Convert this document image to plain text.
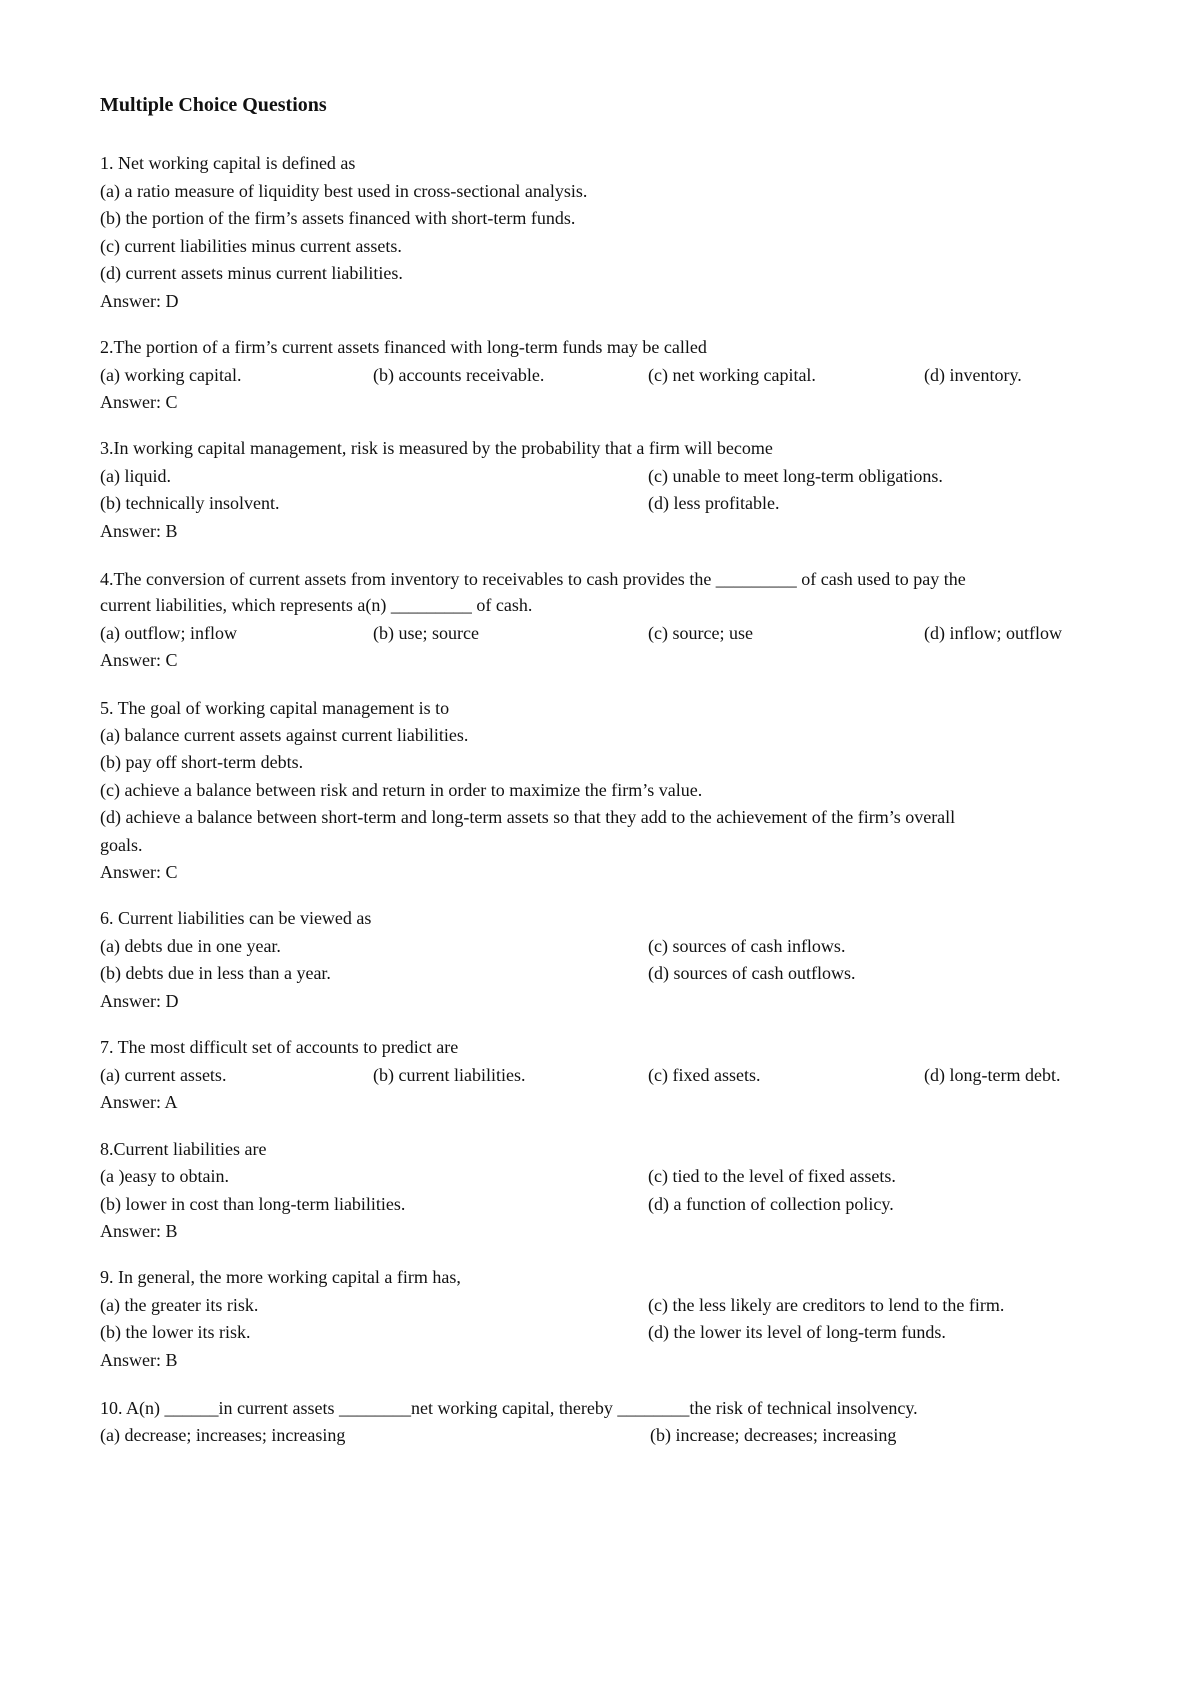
Multiple Choice Questions
1. Net working capital is defined as
(a) a ratio measure of liquidity best used in cross-sectional analysis.
(b) the portion of the firm’s assets financed with short-term funds.
(c) current liabilities minus current assets.
(d) current assets minus current liabilities.
Answer: D
2.The portion of a firm’s current assets financed with long-term funds may be called
(a) working capital.	(b) accounts receivable.	(c) net working capital.	(d) inventory.
Answer: C
3.In working capital management, risk is measured by the probability that a firm will become
(a) liquid.	(c) unable to meet long-term obligations.
(b) technically insolvent.	(d) less profitable.
Answer: B
4.The conversion of current assets from inventory to receivables to cash provides the _________ of cash used to pay the
current liabilities, which represents a(n) _________ of cash.
(a) outflow; inflow	(b) use; source	(c) source; use	(d) inflow; outflow
Answer: C
5. The goal of working capital management is to
(a) balance current assets against current liabilities.
(b) pay off short-term debts.
(c) achieve a balance between risk and return in order to maximize the firm’s value.
(d) achieve a balance between short-term and long-term assets so that they add to the achievement of the firm’s overall
goals.
Answer: C
6. Current liabilities can be viewed as
(a) debts due in one year.	(c) sources of cash inflows.
(b) debts due in less than a year.	(d) sources of cash outflows.
Answer: D
7. The most difficult set of accounts to predict are
(a) current assets.	(b) current liabilities.	(c) fixed assets.	(d) long-term debt.
Answer: A
8.Current liabilities are
(a )easy to obtain.	(c) tied to the level of fixed assets.
(b) lower in cost than long-term liabilities.	(d) a function of collection policy.
Answer: B
9. In general, the more working capital a firm has,
(a) the greater its risk.	(c) the less likely are creditors to lend to the firm.
(b) the lower its risk.	(d) the lower its level of long-term funds.
Answer: B
10. A(n) ______in current assets ________net working capital, thereby ________the risk of technical insolvency.
(a) decrease; increases; increasing	(b) increase; decreases; increasing
